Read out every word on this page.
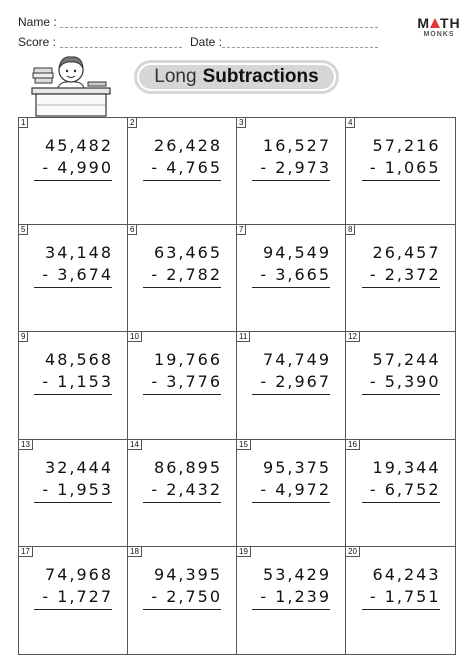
Name :
Score :	Date :
M TH
MONKS
Long Subtractions
1
45,482
- 4,990
2
26,428
- 4,765
3
16,527
- 2,973
4
57,216
- 1,065
5
34,148
- 3,674
6
63,465
- 2,782
7
94,549
- 3,665
8
26,457
- 2,372
9
48,568
- 1,153
10
19,766
- 3,776
11
74,749
- 2,967
12
57,244
- 5,390
13
32,444
- 1,953
14
86,895
- 2,432
15
95,375
- 4,972
16
19,344
- 6,752
17
74,968
- 1,727
18
94,395
- 2,750
19
53,429
- 1,239
20
64,243
- 1,751
